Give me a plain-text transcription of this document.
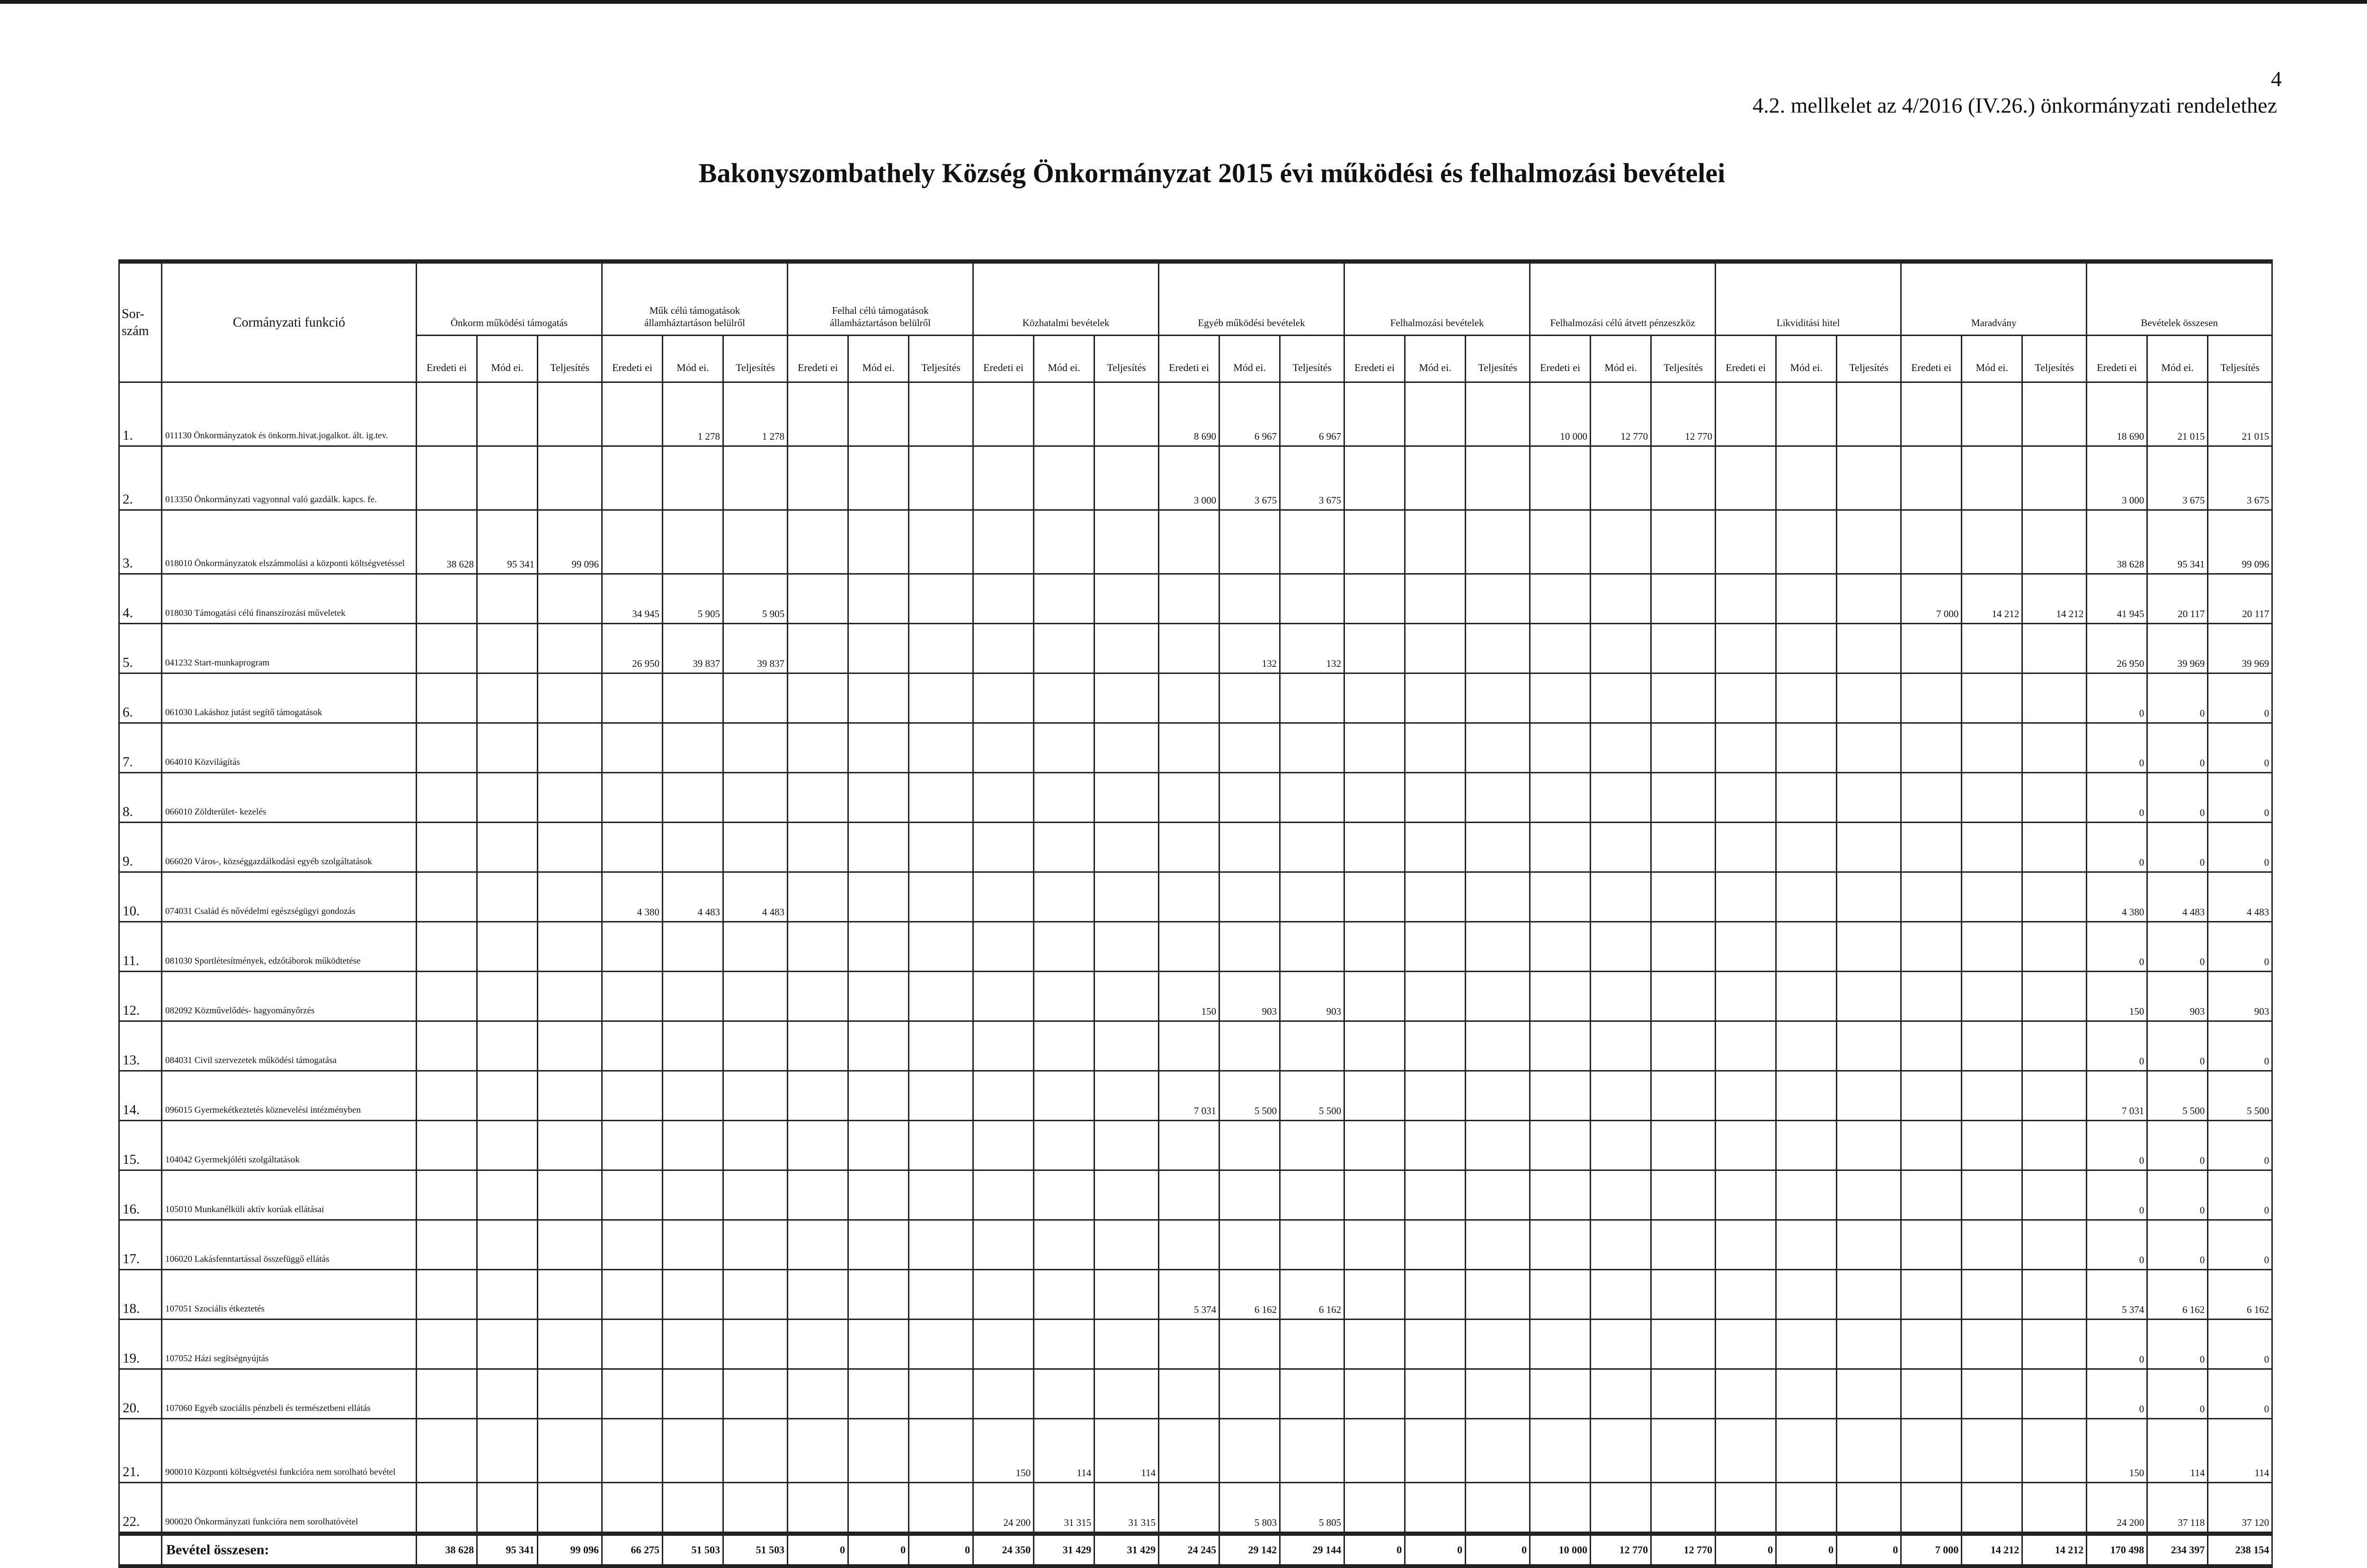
4
4.2. mellkelet az 4/2016 (IV.26.) önkormányzati rendelethez
Bakonyszombathely Község Önkormányzat 2015 évi működési és felhalmozási bevételei
Sor-
szám	Cormányzati funkció	Önkorm működési támogatás			Műk célú támogatások
államháztartáson belülről			Felhal célú támogatások
államháztartáson belülről			Közhatalmi bevételek			Egyéb működési bevételek			Felhalmozási bevételek			Felhalmozási célú átvett pénzeszköz			Likviditási hitel			Maradvány			Bevételek összesen		
		Eredeti ei	Mód ei.	Teljesítés	Eredeti ei	Mód ei.	Teljesítés	Eredeti ei	Mód ei.	Teljesítés	Eredeti ei	Mód ei.	Teljesítés	Eredeti ei	Mód ei.	Teljesítés	Eredeti ei	Mód ei.	Teljesítés	Eredeti ei	Mód ei.	Teljesítés	Eredeti ei	Mód ei.	Teljesítés	Eredeti ei	Mód ei.	Teljesítés	Eredeti ei	Mód ei.	Teljesítés
1.	011130 Önkormányzatok és önkorm.hivat.jogalkot. ált. ig.tev.					1 278	1 278							8 690	6 967	6 967				10 000	12 770	12 770							18 690	21 015	21 015
2.	013350 Önkormányzati vagyonnal való gazdálk. kapcs. fe.													3 000	3 675	3 675													3 000	3 675	3 675
3.	018010 Önkormányzatok elszámmolási a központi költségvetéssel	38 628	95 341	99 096																									38 628	95 341	99 096
4.	018030 Támogatási célú finanszírozási műveletek				34 945	5 905	5 905																			7 000	14 212	14 212	41 945	20 117	20 117
5.	041232 Start-munkaprogram				26 950	39 837	39 837								132	132													26 950	39 969	39 969
6.	061030 Lakáshoz jutást segítő támogatások																												0	0	0
7.	064010 Közvilágítás																												0	0	0
8.	066010 Zöldterület- kezelés																												0	0	0
9.	066020 Város-, községgazdálkodási egyéb szolgáltatások																												0	0	0
10.	074031 Család és nővédelmi egészségügyi gondozás				4 380	4 483	4 483																						4 380	4 483	4 483
11.	081030 Sportlétesítmények, edzőtáborok működtetése																												0	0	0
12.	082092 Közművelődés- hagyományőrzés													150	903	903													150	903	903
13.	084031 Civil szervezetek működési támogatása																												0	0	0
14.	096015 Gyermekétkeztetés köznevelési intézményben													7 031	5 500	5 500													7 031	5 500	5 500
15.	104042 Gyermekjóléti szolgáltatások																												0	0	0
16.	105010 Munkanélküli aktív korúak ellátásai																												0	0	0
17.	106020 Lakásfenntartással összefüggő ellátás																												0	0	0
18.	107051 Szociális étkeztetés													5 374	6 162	6 162													5 374	6 162	6 162
19.	107052 Házi segítségnyújtás																												0	0	0
20.	107060 Egyéb szociális pénzbeli és természetbeni ellátás																												0	0	0
21.	900010 Központi költségvetési funkcióra nem sorolható bevétel										150	114	114																150	114	114
22.	900020 Önkormányzati funkcióra nem sorolhatóvétel										24 200	31 315	31 315		5 803	5 805													24 200	37 118	37 120
	Bevétel összesen:	38 628	95 341	99 096	66 275	51 503	51 503	0	0	0	24 350	31 429	31 429	24 245	29 142	29 144	0	0	0	10 000	12 770	12 770	0	0	0	7 000	14 212	14 212	170 498	234 397	238 154
